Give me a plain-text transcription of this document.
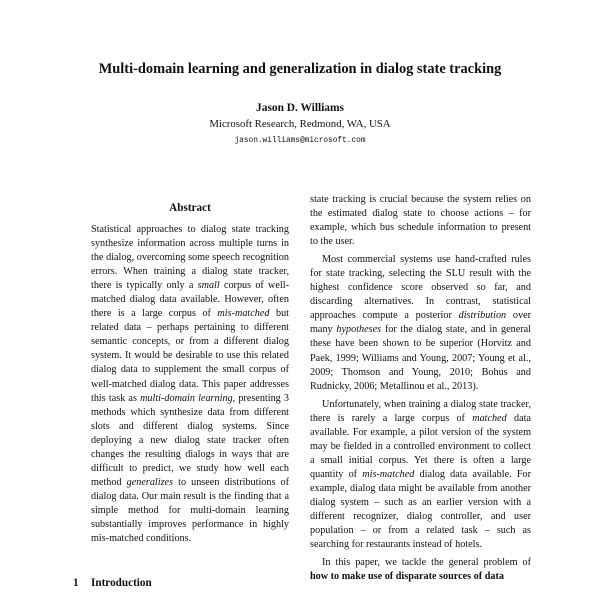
Multi-domain learning and generalization in dialog state tracking
Jason D. Williams
Microsoft Research, Redmond, WA, USA
jason.williams@microsoft.com
Abstract

Statistical approaches to dialog state tracking synthesize information across multiple turns in the dialog, overcoming some speech recognition errors. When training a dialog state tracker, there is typically only a small corpus of well-matched dialog data available. However, often there is a large corpus of mis-matched but related data – perhaps pertaining to different semantic concepts, or from a different dialog system. It would be desirable to use this related dialog data to supplement the small corpus of well-matched dialog data. This paper addresses this task as multi-domain learning, presenting 3 methods which synthesize data from different slots and different dialog systems. Since deploying a new dialog state tracker often changes the resulting dialogs in ways that are difficult to predict, we study how well each method generalizes to unseen distributions of dialog data. Our main result is the finding that a simple method for multi-domain learning substantially improves performance in highly mis-matched conditions.

1 Introduction

state tracking is crucial because the system relies on the estimated dialog state to choose actions – for example, which bus schedule information to present to the user.

Most commercial systems use hand-crafted rules for state tracking, selecting the SLU result with the highest confidence score observed so far, and discarding alternatives. In contrast, statistical approaches compute a posterior distribution over many hypotheses for the dialog state, and in general these have been shown to be superior (Horvitz and Paek, 1999; Williams and Young, 2007; Young et al., 2009; Thomson and Young, 2010; Bohus and Rudnicky, 2006; Metallinou et al., 2013).

Unfortunately, when training a dialog state tracker, there is rarely a large corpus of matched data available. For example, a pilot version of the system may be fielded in a controlled environment to collect a small initial corpus. Yet there is often a large quantity of mis-matched dialog data available. For example, dialog data might be available from another dialog system – such as an earlier version with a different recognizer, dialog controller, and user population – or from a related task – such as searching for restaurants instead of hotels.

In this paper, we tackle the general problem of how to make use of disparate sources of data
